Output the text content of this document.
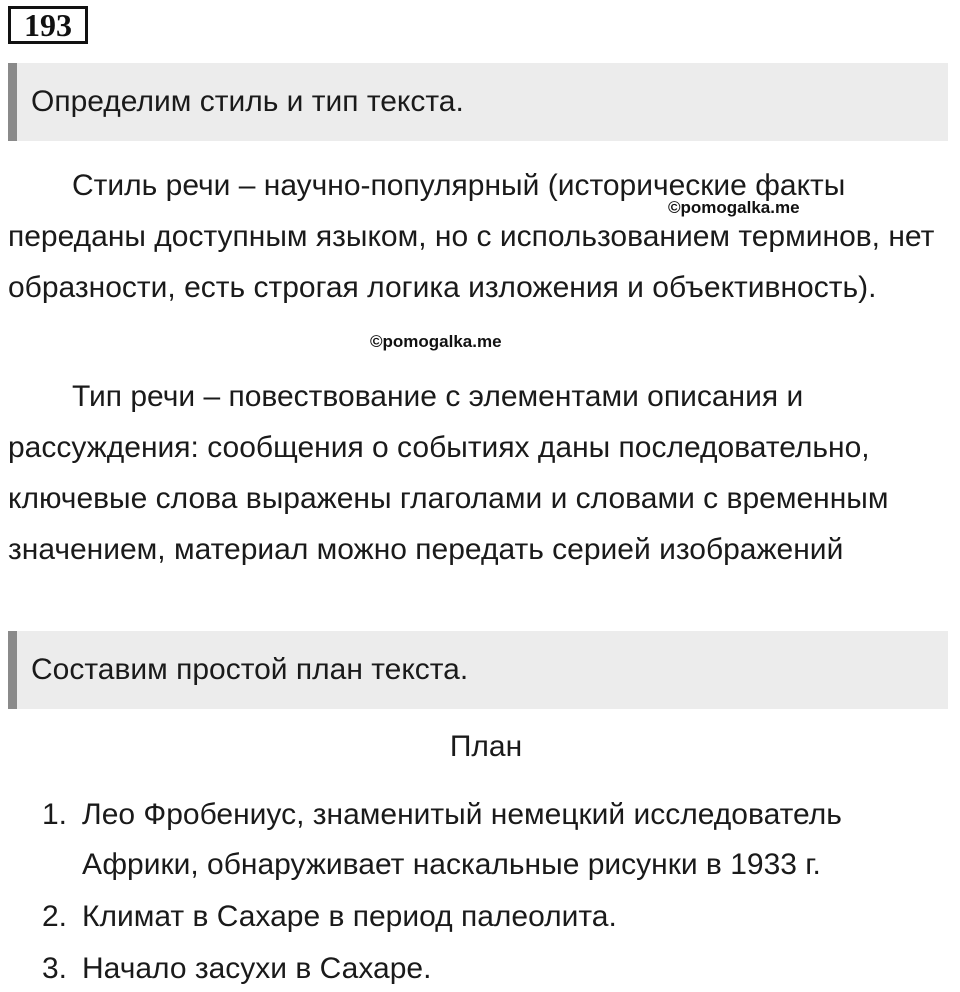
193
Определим стиль и тип текста.

Стиль речи – научно-популярный (исторические факты переданы доступным языком, но с использованием терминов, нет образности, есть строгая логика изложения и объективность).

©pomogalka.me
©pomogalka.me

Тип речи – повествование с элементами описания и рассуждения: сообщения о событиях даны последовательно, ключевые слова выражены глаголами и словами с временным значением, материал можно передать серией изображений

Составим простой план текста.
План
1. Лео Фробениус, знаменитый немецкий исследователь Африки, обнаруживает наскальные рисунки в 1933 г.
2. Климат в Сахаре в период палеолита.
3. Начало засухи в Сахаре.
